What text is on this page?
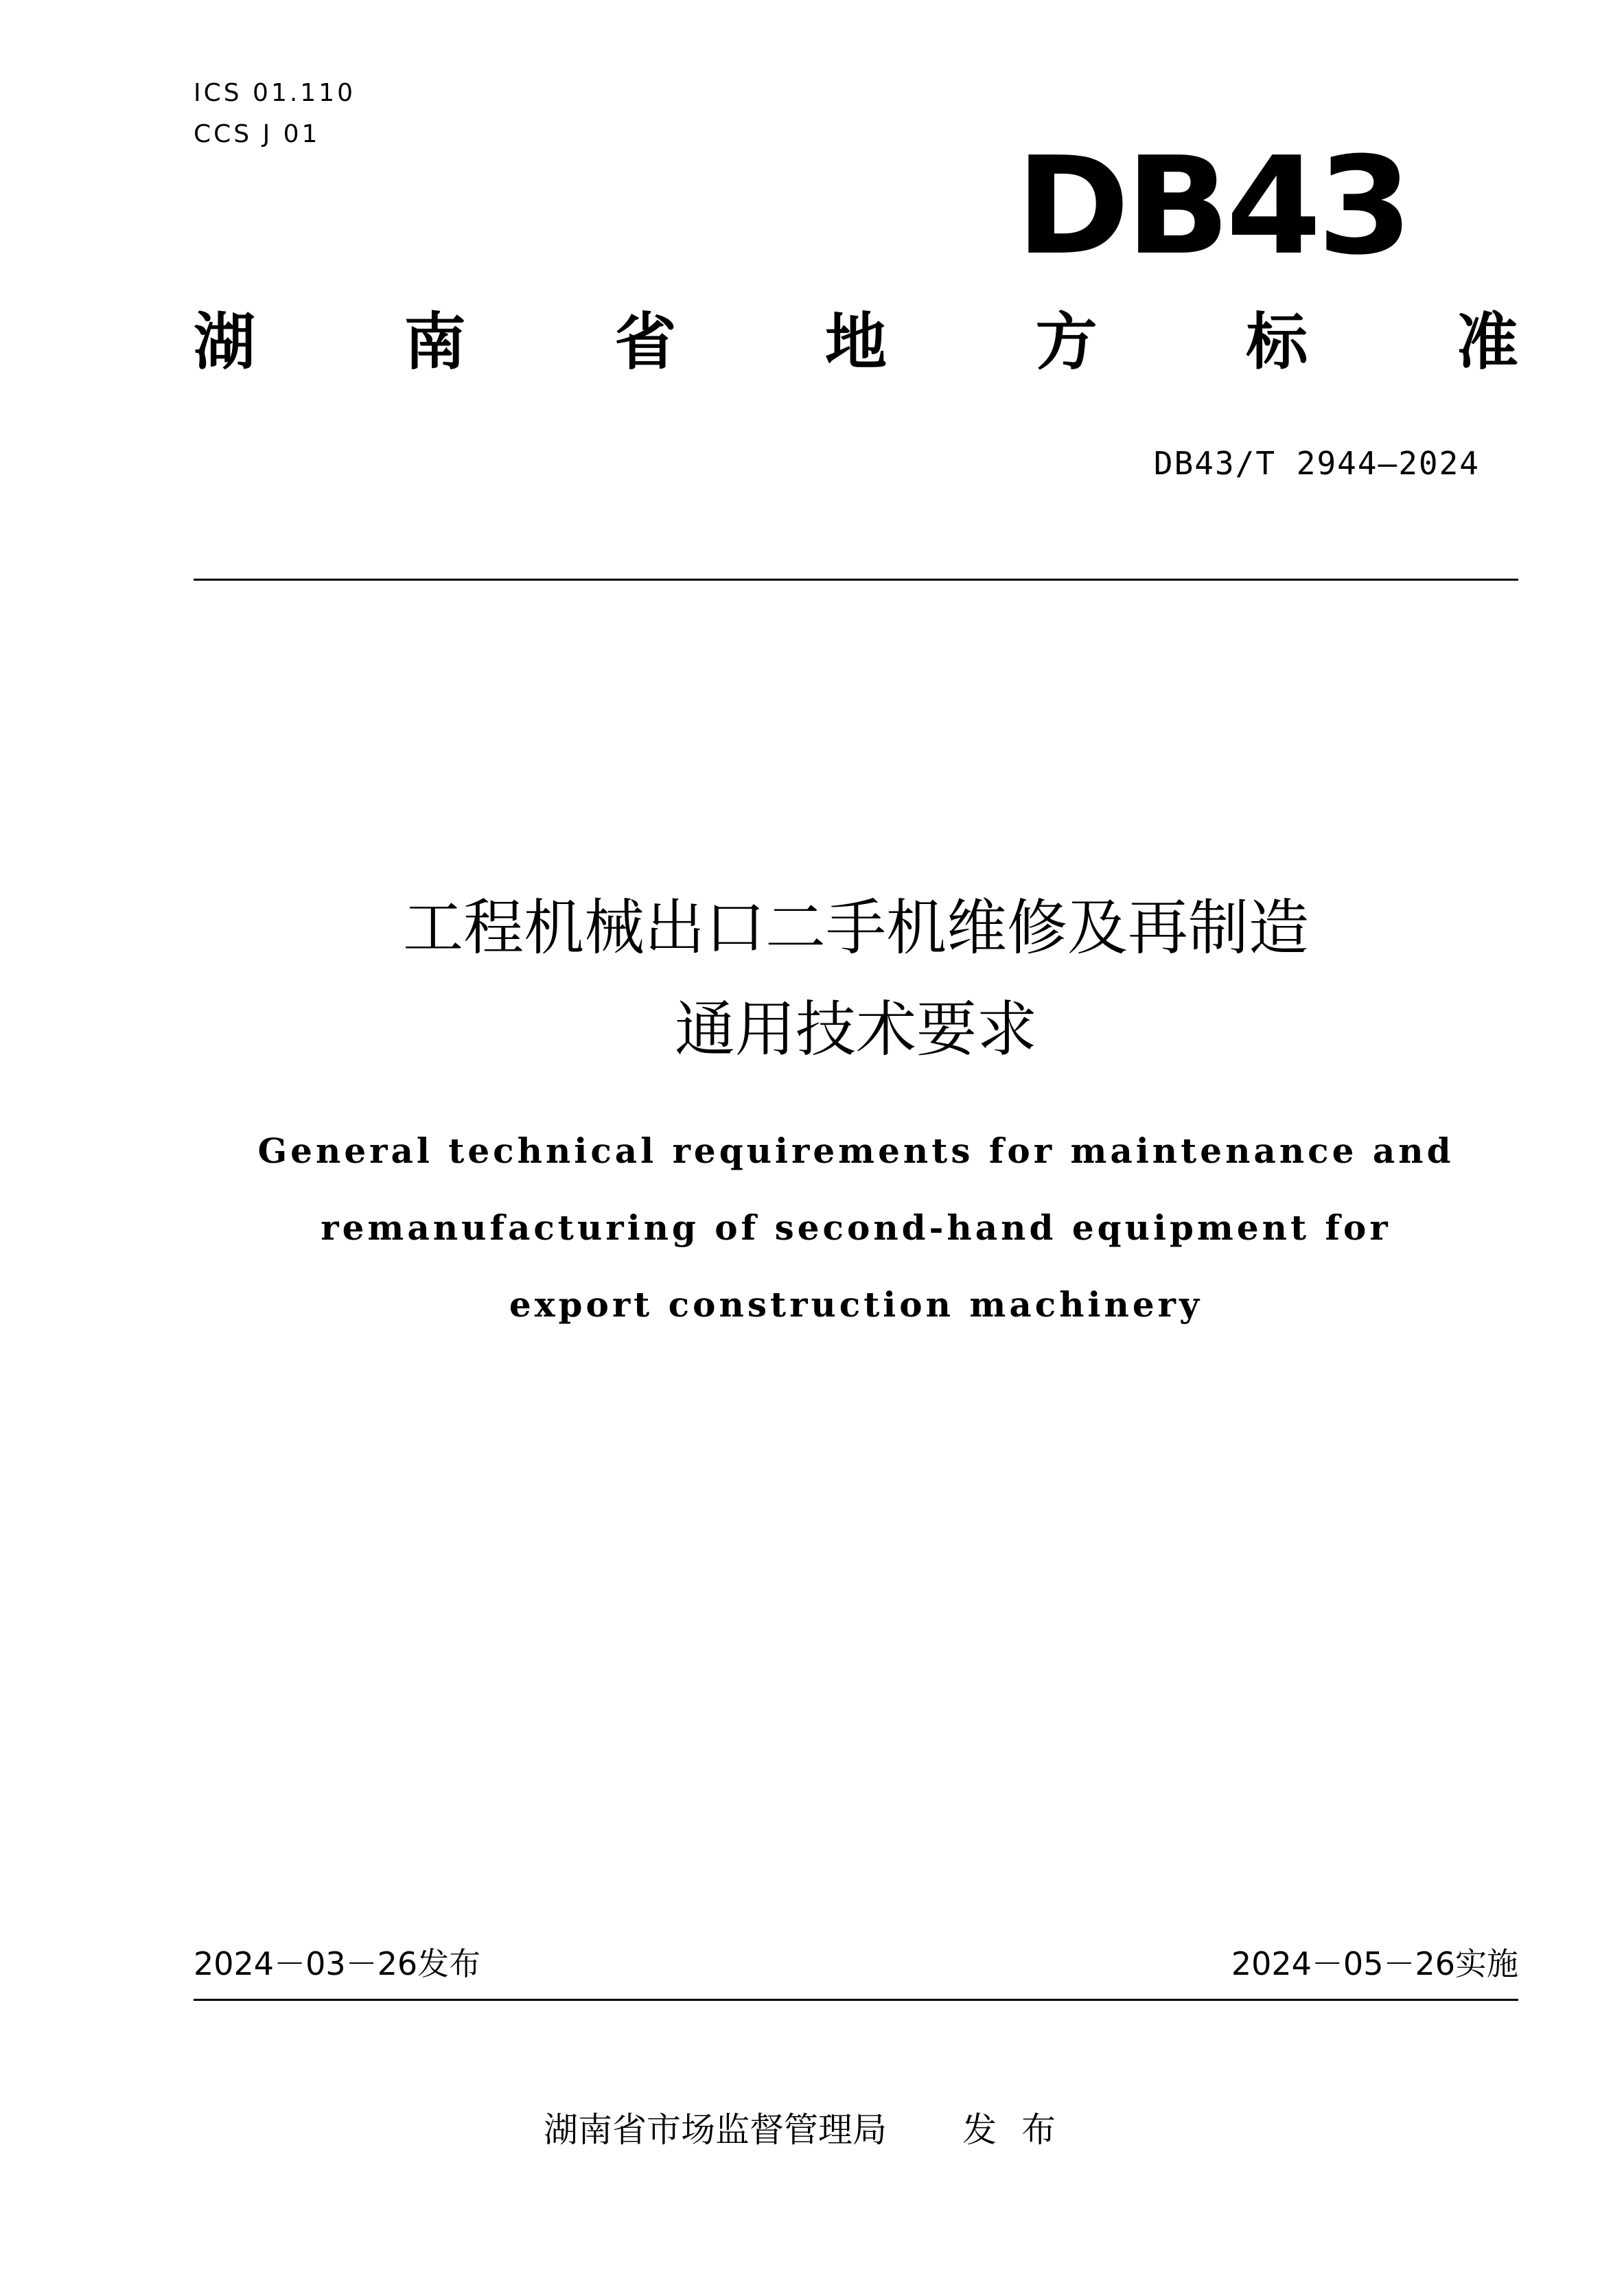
ICS 01.110
CCS J 01	DB43
湖 南 省 地 方 标 准
DB43/T 2944—2024
工程机械出口二手机维修及再制造
通用技术要求
General technical requirements for maintenance and
remanufacturing of second-hand equipment for
export construction machinery
2024－03－26发布	2024－05－26实施
湖南省市场监督管理局 发布
